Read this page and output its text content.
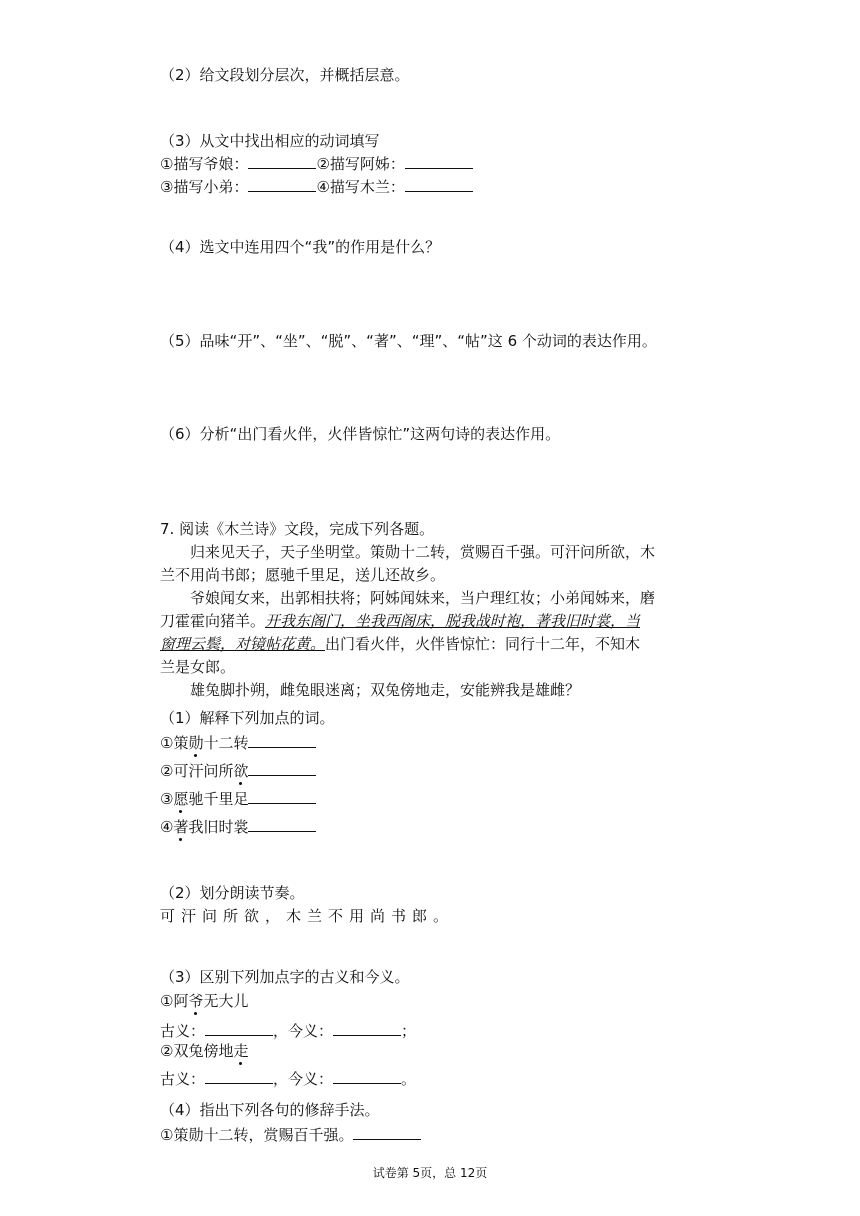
（2）给文段划分层次，并概括层意。
（3）从文中找出相应的动词填写
①描写爷娘：	②描写阿姊：
③描写小弟：	④描写木兰：
（4）选文中连用四个“我”的作用是什么？
（5）品味“开”、“坐”、“脱”、“著”、“理”、“帖”这 6 个动词的表达作用。
（6）分析“出门看火伴，火伴皆惊忙”这两句诗的表达作用。
7. 阅读《木兰诗》文段，完成下列各题。
归来见天子，天子坐明堂。策勋十二转，赏赐百千强。可汗问所欲，木
兰不用尚书郎；愿驰千里足，送儿还故乡。
爷娘闻女来，出郭相扶将；阿姊闻妹来，当户理红妆；小弟闻姊来，磨
刀霍霍向猪羊。开我东阁门，坐我西阁床，脱我战时袍，著我旧时裳，当
窗理云鬓，对镜帖花黄。出门看火伴，火伴皆惊忙：同行十二年，不知木
兰是女郎。
雄兔脚扑朔，雌兔眼迷离；双兔傍地走，安能辨我是雄雌？
（1）解释下列加点的词。
①策勋十二转
②可汗问所欲
③愿驰千里足
④著我旧时裳
（2）划分朗读节奏。
可汗问所欲，木兰不用尚书郎。
（3）区别下列加点字的古义和今义。
①阿爷无大儿
古义：	，今义：	；
②双兔傍地走
古义：	，今义：	。
（4）指出下列各句的修辞手法。
①策勋十二转，赏赐百千强。
试卷第 5页，总 12页
